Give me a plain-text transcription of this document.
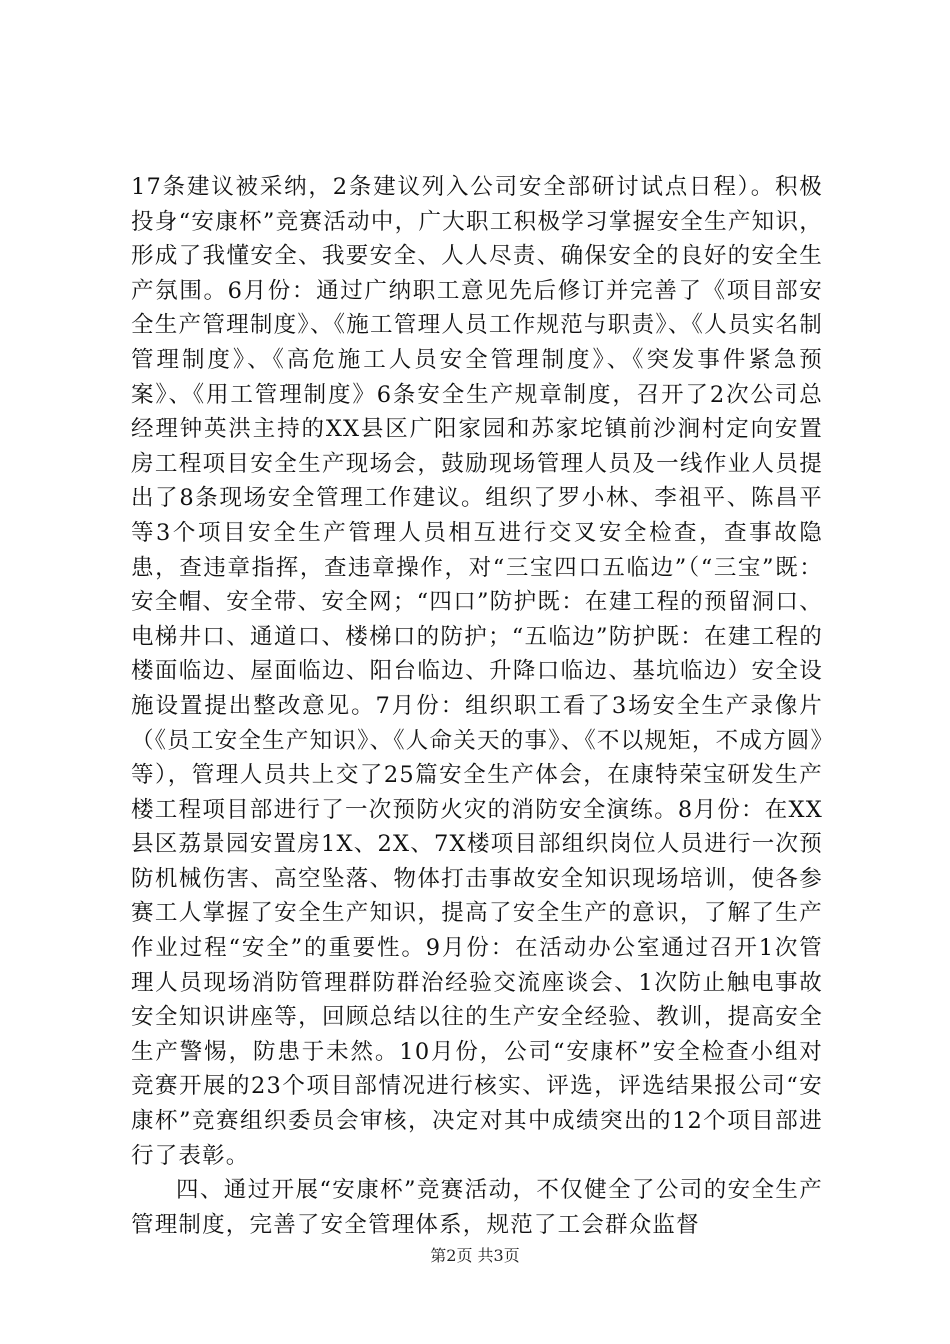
17条建议被采纳，2条建议列入公司安全部研讨试点日程）。积极投身“安康杯”竞赛活动中，广大职工积极学习掌握安全生产知识，形成了我懂安全、我要安全、人人尽责、确保安全的良好的安全生产氛围。6月份：通过广纳职工意见先后修订并完善了《项目部安全生产管理制度》、《施工管理人员工作规范与职责》、《人员实名制管理制度》、《高危施工人员安全管理制度》、《突发事件紧急预案》、《用工管理制度》6条安全生产规章制度，召开了2次公司总经理钟英洪主持的XX县区广阳家园和苏家坨镇前沙涧村定向安置房工程项目安全生产现场会，鼓励现场管理人员及一线作业人员提出了8条现场安全管理工作建议。组织了罗小林、李祖平、陈昌平等3个项目安全生产管理人员相互进行交叉安全检查，查事故隐患，查违章指挥，查违章操作，对“三宝四口五临边”（“三宝”既：安全帽、安全带、安全网；“四口”防护既：在建工程的预留洞口、电梯井口、通道口、楼梯口的防护；“五临边”防护既：在建工程的楼面临边、屋面临边、阳台临边、升降口临边、基坑临边）安全设施设置提出整改意见。7月份：组织职工看了3场安全生产录像片（《员工安全生产知识》、《人命关天的事》、《不以规矩，不成方圆》等），管理人员共上交了25篇安全生产体会，在康特荣宝研发生产楼工程项目部进行了一次预防火灾的消防安全演练。8月份：在XX县区荔景园安置房1X、2X、7X楼项目部组织岗位人员进行一次预防机械伤害、高空坠落、物体打击事故安全知识现场培训，使各参赛工人掌握了安全生产知识，提高了安全生产的意识，了解了生产作业过程“安全”的重要性。9月份：在活动办公室通过召开1次管理人员现场消防管理群防群治经验交流座谈会、1次防止触电事故安全知识讲座等，回顾总结以往的生产安全经验、教训，提高安全生产警惕，防患于未然。10月份，公司“安康杯”安全检查小组对竞赛开展的23个项目部情况进行核实、评选，评选结果报公司“安康杯”竞赛组织委员会审核，决定对其中成绩突出的12个项目部进行了表彰。

四、通过开展“安康杯”竞赛活动，不仅健全了公司的安全生产管理制度，完善了安全管理体系，规范了工会群众监督

第2页 共3页
